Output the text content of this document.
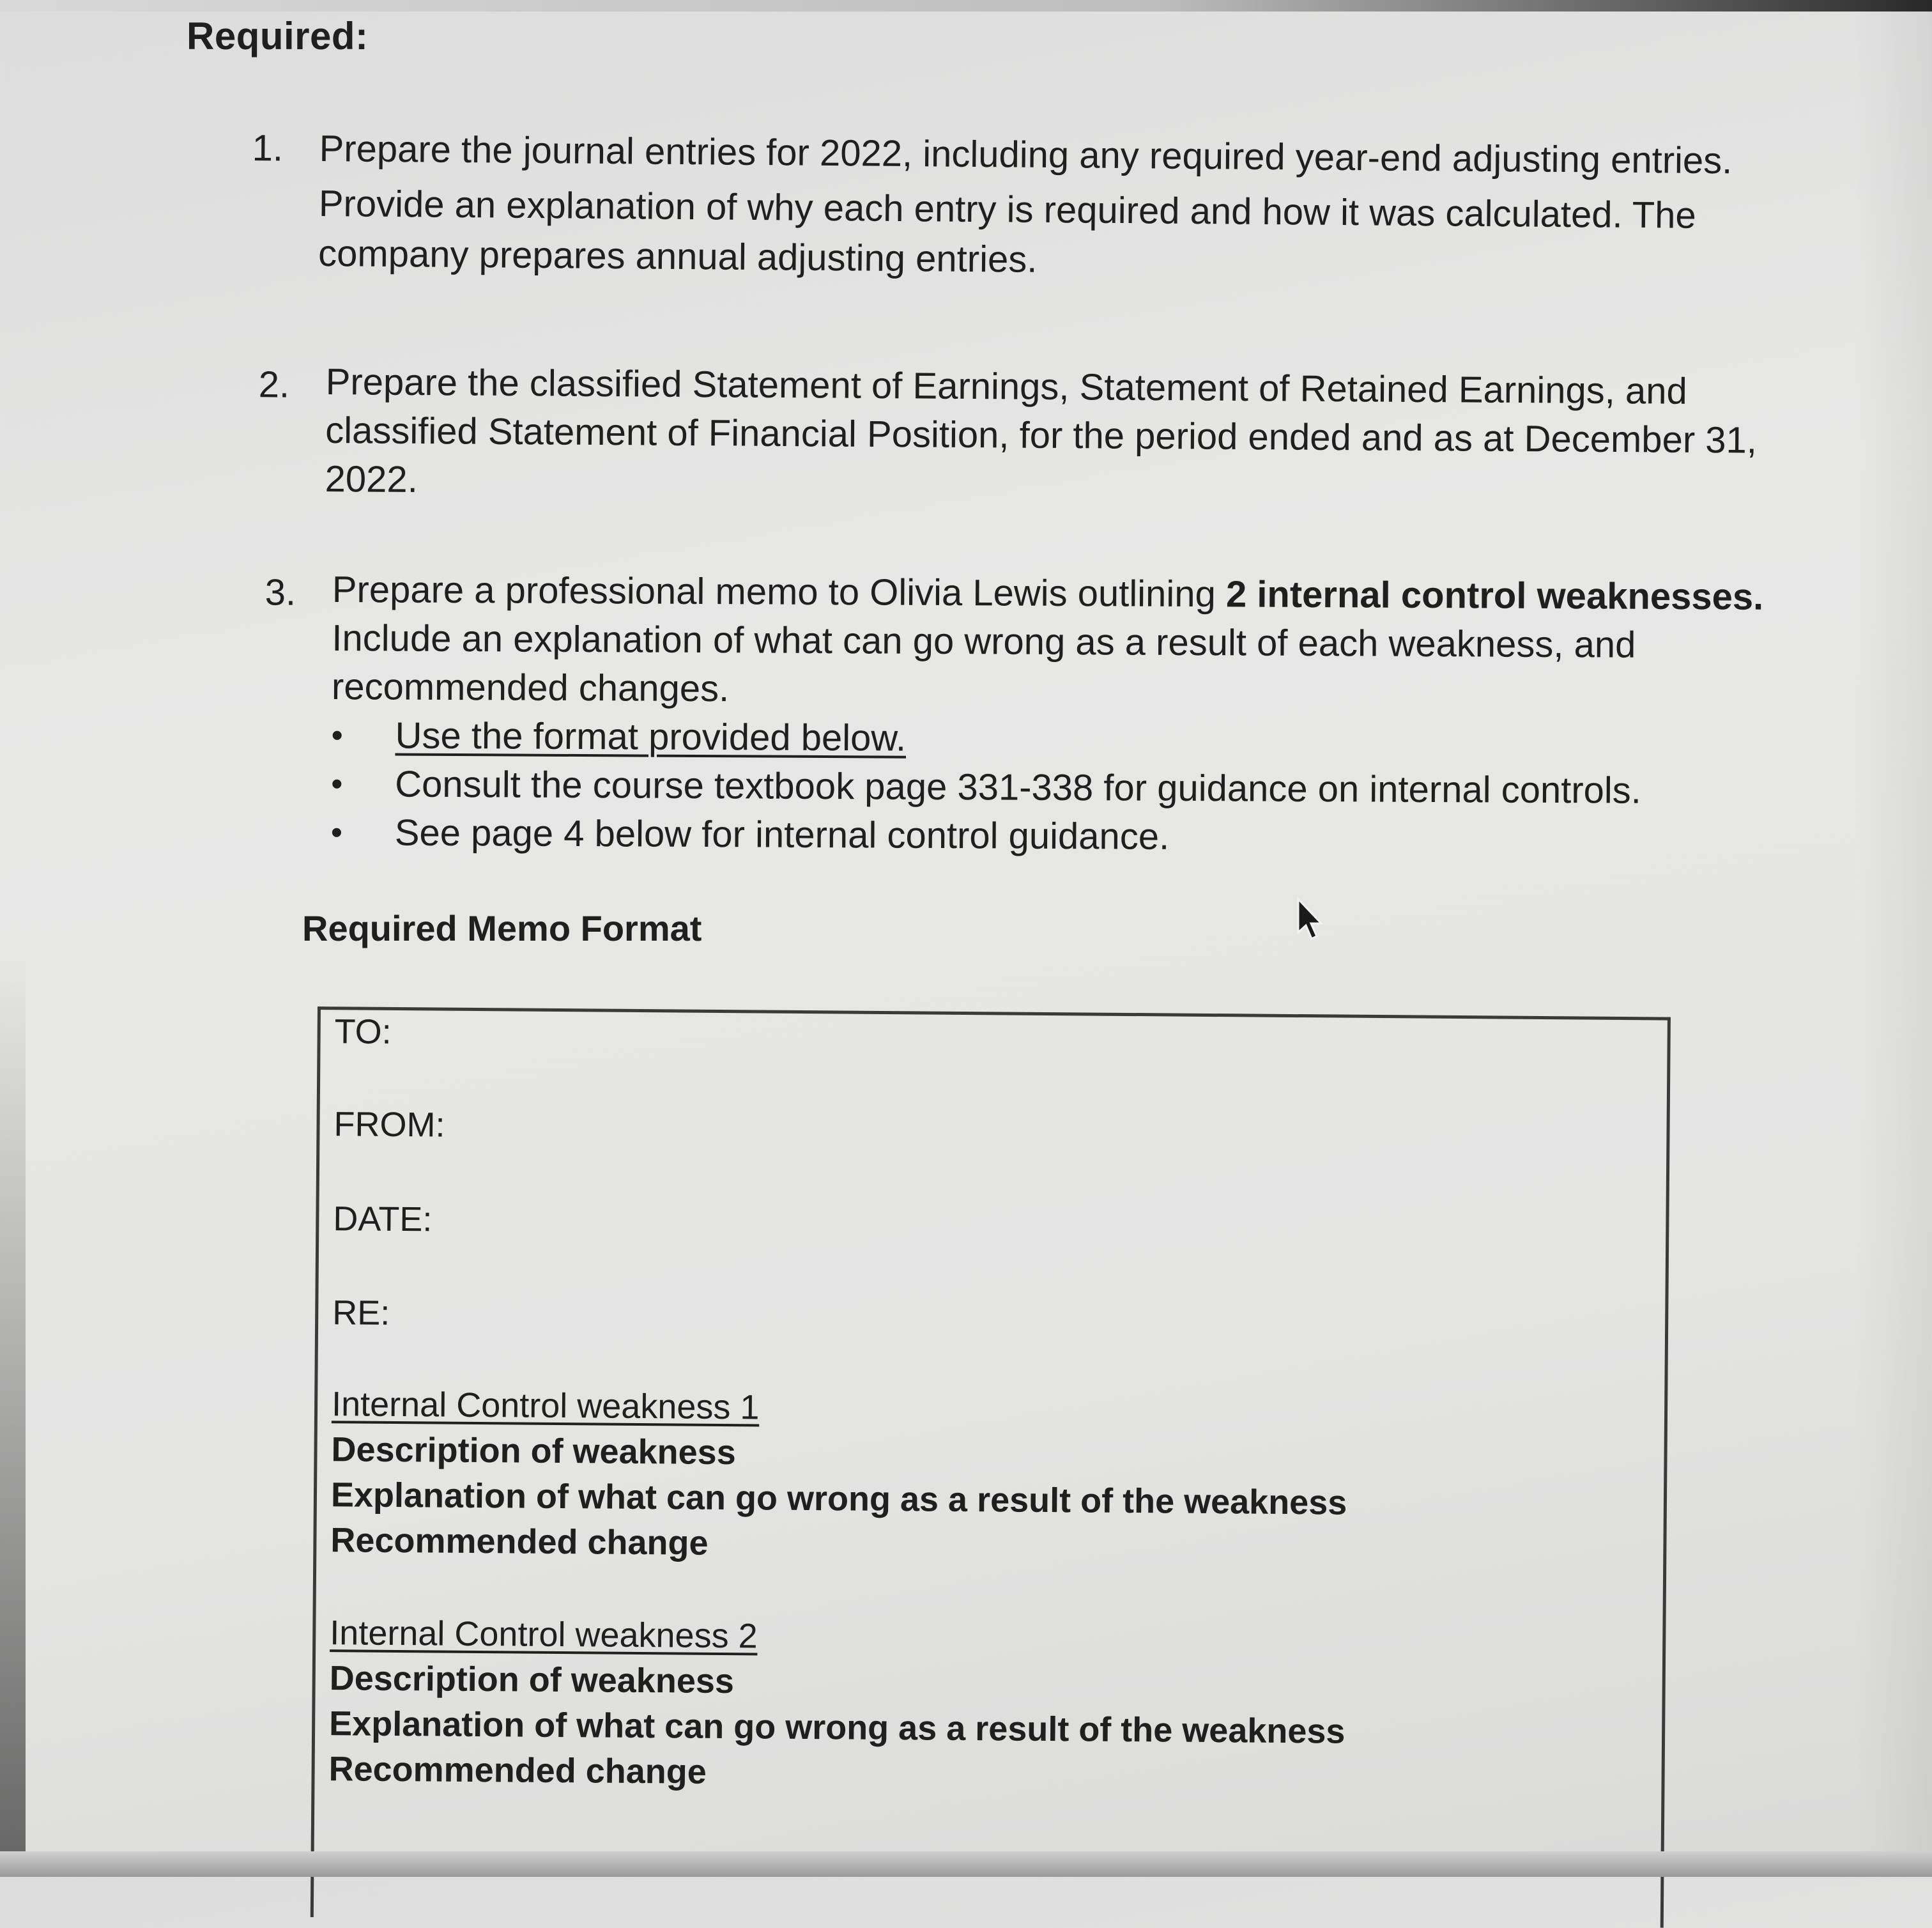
Required:
1. Prepare the journal entries for 2022, including any required year-end adjusting entries.

Provide an explanation of why each entry is required and how it was calculated. The

company prepares annual adjusting entries.

2. Prepare the classified Statement of Earnings, Statement of Retained Earnings, and

classified Statement of Financial Position, for the period ended and as at December 31,

2022.

3. Prepare a professional memo to Olivia Lewis outlining 2 internal control weaknesses.

Include an explanation of what can go wrong as a result of each weakness, and

recommended changes.

• Use the format provided below.
• Consult the course textbook page 331-338 for guidance on internal controls.
• See page 4 below for internal control guidance.
Required Memo Format
TO:
FROM:
DATE:
RE:
Internal Control weakness 1
Description of weakness
Explanation of what can go wrong as a result of the weakness
Recommended change
Internal Control weakness 2
Description of weakness
Explanation of what can go wrong as a result of the weakness
Recommended change
